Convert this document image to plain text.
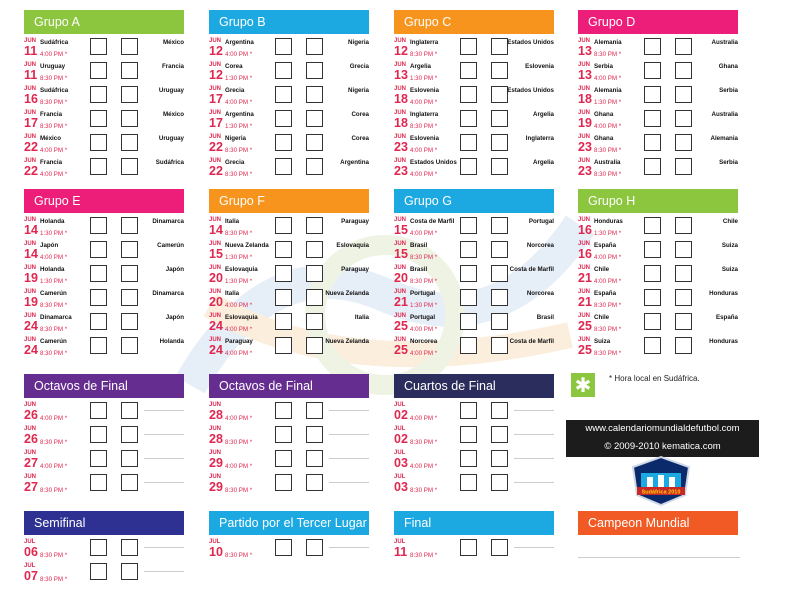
Grupo A
JUN
11
Sudáfrica
4:00 PM *
México
JUN
11
Uruguay
8:30 PM *
Francia
JUN
16
Sudáfrica
8:30 PM *
Uruguay
JUN
17
Francia
8:30 PM *
México
JUN
22
México
4:00 PM *
Uruguay
JUN
22
Francia
4:00 PM *
Sudáfrica
Grupo B
JUN
12
Argentina
4:00 PM *
Nigeria
JUN
12
Corea
1:30 PM *
Grecia
JUN
17
Grecia
4:00 PM *
Nigeria
JUN
17
Argentina
1:30 PM *
Corea
JUN
22
Nigeria
8:30 PM *
Corea
JUN
22
Grecia
8:30 PM *
Argentina
Grupo C
JUN
12
Inglaterra
8:30 PM *
Estados Unidos
JUN
13
Argelia
1:30 PM *
Eslovenia
JUN
18
Eslovenia
4:00 PM *
Estados Unidos
JUN
18
Inglaterra
8:30 PM *
Argelia
JUN
23
Eslovenia
4:00 PM *
Inglaterra
JUN
23
Estados Unidos
4:00 PM *
Argelia
Grupo D
JUN
13
Alemania
8:30 PM *
Australia
JUN
13
Serbia
4:00 PM *
Ghana
JUN
18
Alemania
1:30 PM *
Serbia
JUN
19
Ghana
4:00 PM *
Australia
JUN
23
Ghana
8:30 PM *
Alemania
JUN
23
Australia
8:30 PM *
Serbia
Grupo E
JUN
14
Holanda
1:30 PM *
Dinamarca
JUN
14
Japón
4:00 PM *
Camerún
JUN
19
Holanda
1:30 PM *
Japón
JUN
19
Camerún
8:30 PM *
Dinamarca
JUN
24
Dinamarca
8:30 PM *
Japón
JUN
24
Camerún
8:30 PM *
Holanda
Grupo F
JUN
14
Italia
8:30 PM *
Paraguay
JUN
15
Nueva Zelanda
1:30 PM *
Eslovaquia
JUN
20
Eslovaquia
1:30 PM *
Paraguay
JUN
20
Italia
4:00 PM *
Nueva Zelanda
JUN
24
Eslovaquia
4:00 PM *
Italia
JUN
24
Paraguay
4:00 PM *
Nueva Zelanda
Grupo G
JUN
15
Costa de Marfil
4:00 PM *
Portugal
JUN
15
Brasil
8:30 PM *
Norcorea
JUN
20
Brasil
8:30 PM *
Costa de Marfil
JUN
21
Portugal
1:30 PM *
Norcorea
JUN
25
Portugal
4:00 PM *
Brasil
JUN
25
Norcorea
4:00 PM *
Costa de Marfil
Grupo H
JUN
16
Honduras
1:30 PM *
Chile
JUN
16
España
4:00 PM *
Suiza
JUN
21
Chile
4:00 PM *
Suiza
JUN
21
España
8:30 PM *
Honduras
JUN
25
Chile
8:30 PM *
España
JUN
25
Suiza
8:30 PM *
Honduras
Octavos de Final
JUN
26 4:00 PM *
JUN
26 8:30 PM *
JUN
27 4:00 PM *
JUN
27 8:30 PM *
Octavos de Final
JUN
28 4:00 PM *
JUN
28 8:30 PM *
JUN
29 4:00 PM *
JUN
29 8:30 PM *
Cuartos de Final
JUL
02 4:00 PM *
JUL
02 8:30 PM *
JUL
03 4:00 PM *
JUL
03 8:30 PM *
Semifinal
JUL
06 8:30 PM *
JUL
07 8:30 PM *
Partido por el Tercer Lugar
JUL
10 8:30 PM *
Final
JUL
11 8:30 PM *
Campeon Mundial
✱	* Hora local en Sudáfrica.
www.calendariomundialdefutbol.com
© 2009-2010 kematica.com
Sudáfrica 2010
